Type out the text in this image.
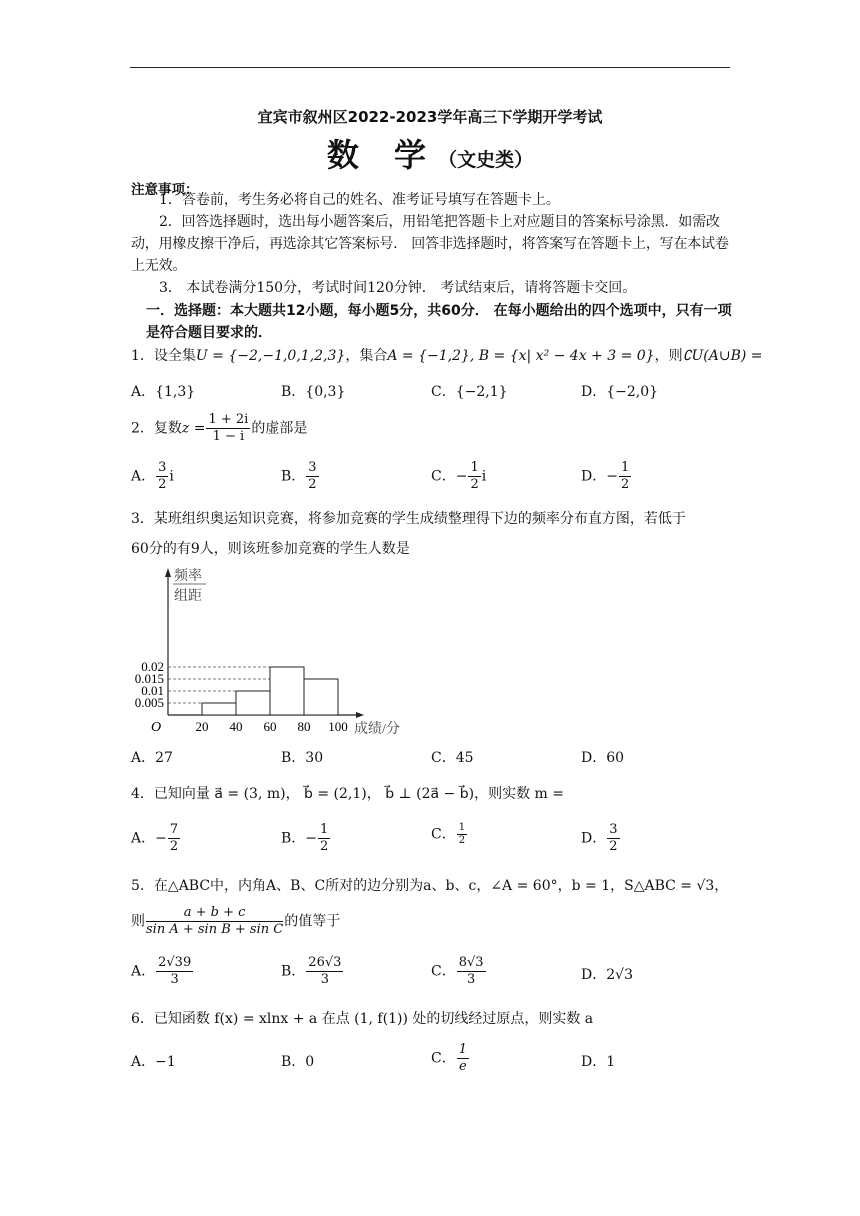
宜宾市叙州区2022-2023学年高三下学期开学考试
数 学（文史类）
注意事项：
1．答卷前，考生务必将自己的姓名、准考证号填写在答题卡上。
2．回答选择题时，选出每小题答案后，用铅笔把答题卡上对应题目的答案标号涂黑．如需改动，用橡皮擦干净后，再选涂其它答案标号． 回答非选择题时，将答案写在答题卡上，写在本试卷上无效。
3． 本试卷满分150分，考试时间120分钟． 考试结束后，请将答题卡交回。
一．选择题：本大题共12小题，每小题5分，共60分． 在每小题给出的四个选项中，只有一项是符合题目要求的．
1．设全集U = {−2,−1,0,1,2,3}，集合A = {−1,2}, B = {x| x² − 4x + 3 = 0}，则∁U(A∪B) =
A．{1,3}	B．{0,3}	C．{−2,1}	D．{−2,0}
2．复数$z = \frac{1 + 2i}{1 - i}$ 的虚部是
A． $\frac{3}{2}$ i	B． $\frac{3}{2}$	C．− $\frac{1}{2}$ i	D．− $\frac{1}{2}$
3．某班组织奥运知识竞赛，将参加竞赛的学生成绩整理得下边的频率分布直方图，若低于
60分的有9人，则该班参加竞赛的学生人数是
0.005
0.01
0.015
0.02
20 40 60 80 100
O	成绩/分
频率
组距
A．27	B．30	C．45	D．60
4．已知向量 a⃗ = (3, m)， b⃗ = (2,1)， b⃗ ⊥ (2a⃗ − b⃗)，则实数 m =
A．− $\frac{7}{2}$	B．− $\frac{1}{2}$	C． $\frac{1}{2}$	D． $\frac{3}{2}$
5．在△ABC中，内角A、B、C所对的边分别为a、b、c，∠A = 60°，b = 1，S△ABC = √3，
则 $\frac{a + b + c}{\text{sin A + sin B + sin C}}$ 的值等于
A． $\frac{2√39}{3}$	B． $\frac{26√3}{3}$	C． $\frac{8√3}{3}$	D．2√3
6．已知函数 f(x) = xlnx + a 在点 (1, f(1)) 处的切线经过原点，则实数 a
A．−1	B．0	C． $\frac{1}{e}$	D．1
